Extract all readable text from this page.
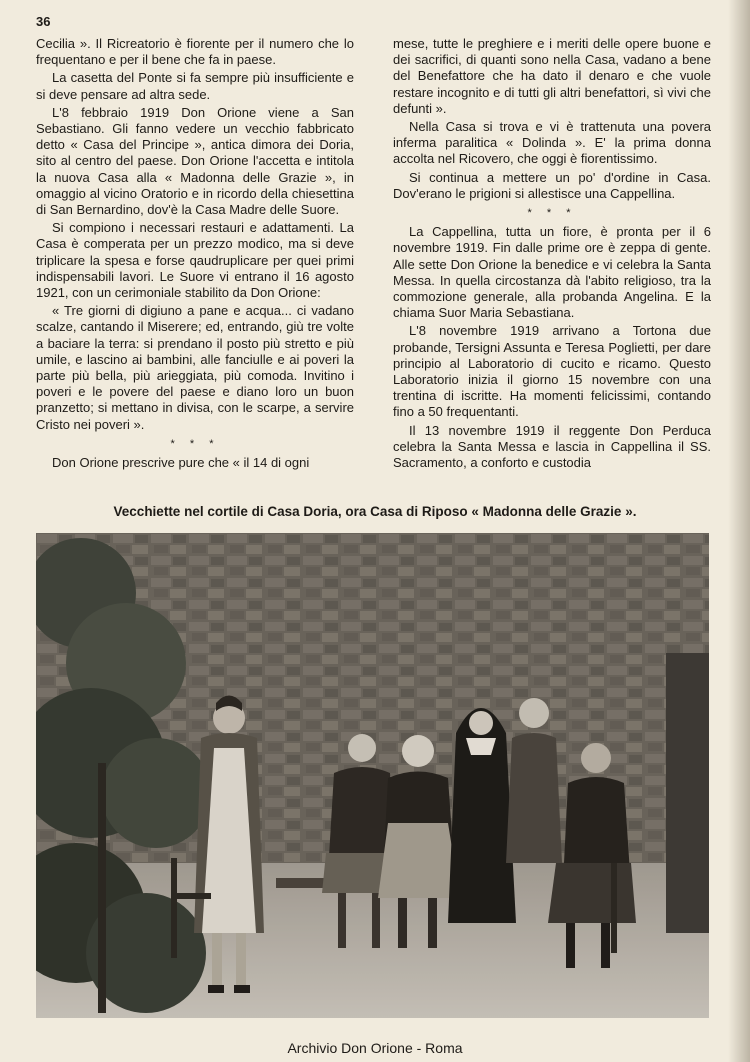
36

Cecilia ». Il Ricreatorio è fiorente per il numero che lo frequentano e per il bene che fa in paese.

La casetta del Ponte si fa sempre più insufficiente e si deve pensare ad altra sede.

L'8 febbraio 1919 Don Orione viene a San Sebastiano. Gli fanno vedere un vecchio fabbricato detto « Casa del Principe », antica dimora dei Doria, sito al centro del paese. Don Orione l'accetta e intitola la nuova Casa alla « Madonna delle Grazie », in omaggio al vicino Oratorio e in ricordo della chiesettina di San Bernardino, dov'è la Casa Madre delle Suore.

Si compiono i necessari restauri e adattamenti. La Casa è comperata per un prezzo modico, ma si deve triplicare la spesa e forse qaudruplicare per quei primi indispensabili lavori. Le Suore vi entrano il 16 agosto 1921, con un cerimoniale stabilito da Don Orione:

« Tre giorni di digiuno a pane e acqua... ci vadano scalze, cantando il Miserere; ed, entrando, giù tre volte a baciare la terra: si prendano il posto più stretto e più umile, e lascino ai bambini, alle fanciulle e ai poveri la parte più bella, più arieggiata, più comoda. Invitino i poveri e le povere del paese e diano loro un buon pranzetto; si mettano in divisa, con le scarpe, a servire Cristo nei poveri ».

* * *

Don Orione prescrive pure che « il 14 di ogni

mese, tutte le preghiere e i meriti delle opere buone e dei sacrifici, di quanti sono nella Casa, vadano a bene del Benefattore che ha dato il denaro e che vuole restare incognito e di tutti gli altri benefattori, sì vivi che defunti ».

Nella Casa si trova e vi è trattenuta una povera inferma paralitica « Dolinda ». E' la prima donna accolta nel Ricovero, che oggi è fiorentissimo.

Si continua a mettere un po' d'ordine in Casa. Dov'erano le prigioni si allestisce una Cappellina.

* * *

La Cappellina, tutta un fiore, è pronta per il 6 novembre 1919. Fin dalle prime ore è zeppa di gente. Alle sette Don Orione la benedice e vi celebra la Santa Messa. In quella circostanza dà l'abito religioso, tra la commozione generale, alla probanda Angelina. E la chiama Suor Maria Sebastiana.

L'8 novembre 1919 arrivano a Tortona due probande, Tersigni Assunta e Teresa Poglietti, per dare principio al Laboratorio di cucito e ricamo. Questo Laboratorio inizia il giorno 15 novembre con una trentina di iscritte. Ha momenti felicissimi, contando fino a 50 frequentanti.

Il 13 novembre 1919 il reggente Don Perduca celebra la Santa Messa e lascia in Cappellina il SS. Sacramento, a conforto e custodia

Vecchiette nel cortile di Casa Doria, ora Casa di Riposo « Madonna delle Grazie ».
Archivio Don Orione - Roma
